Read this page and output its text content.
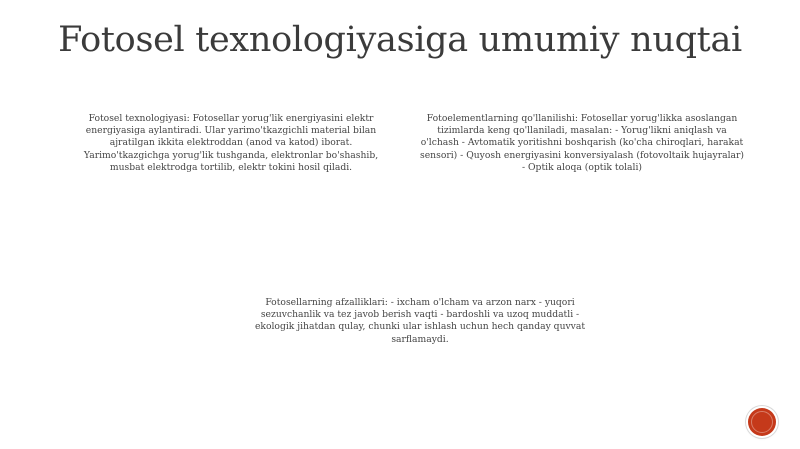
Fotosel texnologiyasiga umumiy nuqtai
Fotosel texnologiyasi: Fotosellar yorug'lik energiyasini elektr energiyasiga aylantiradi. Ular yarimo'tkazgichli material bilan ajratilgan ikkita elektroddan (anod va katod) iborat. Yarimo'tkazgichga yorug'lik tushganda, elektronlar bo'shashib, musbat elektrodga tortilib, elektr tokini hosil qiladi.
Fotoelementlarning qo'llanilishi: Fotosellar yorug'likka asoslangan tizimlarda keng qo'llaniladi, masalan: - Yorug'likni aniqlash va o'lchash - Avtomatik yoritishni boshqarish (ko'cha chiroqlari, harakat sensori) - Quyosh energiyasini konversiyalash (fotovoltaik hujayralar) - Optik aloqa (optik tolali)
Fotosellarning afzalliklari: - ixcham o'lcham va arzon narx - yuqori sezuvchanlik va tez javob berish vaqti - bardoshli va uzoq muddatli - ekologik jihatdan qulay, chunki ular ishlash uchun hech qanday quvvat sarflamaydi.
